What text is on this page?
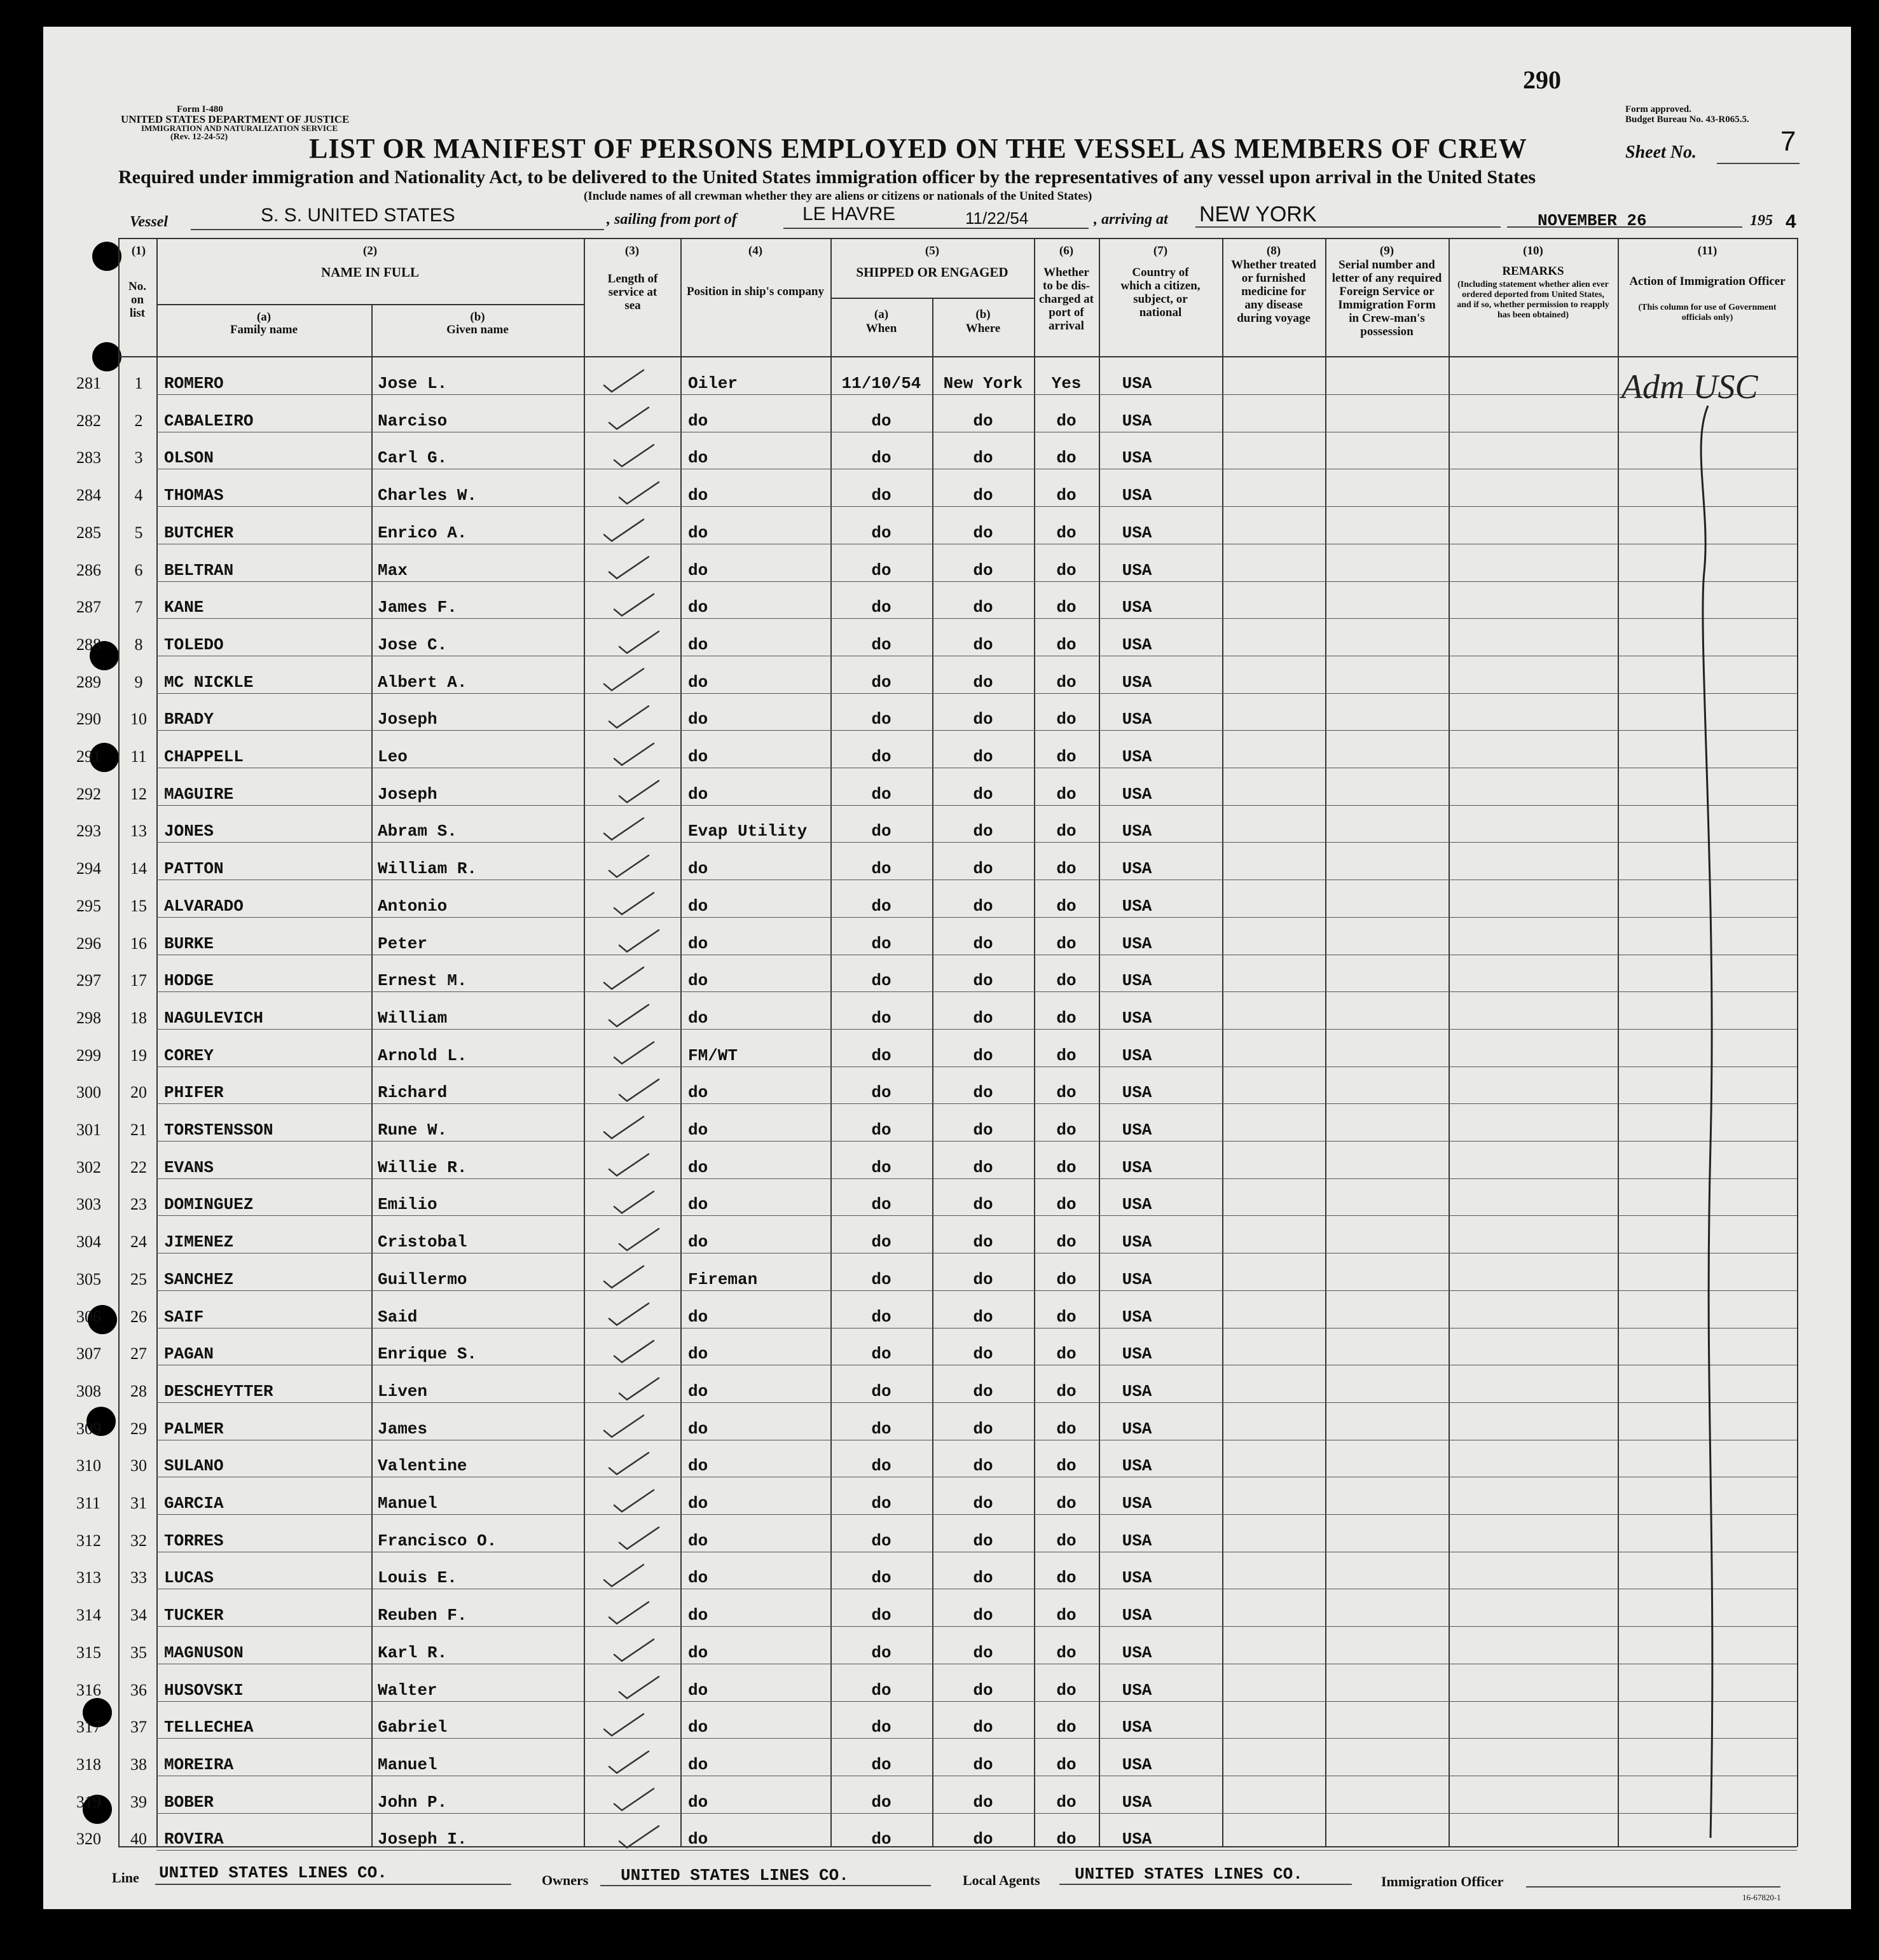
290
Form I-480
UNITED STATES DEPARTMENT OF JUSTICE
IMMIGRATION AND NATURALIZATION SERVICE
(Rev. 12-24-52)
Form approved.
Budget Bureau No. 43-R065.5.
LIST OR MANIFEST OF PERSONS EMPLOYED ON THE VESSEL AS MEMBERS OF CREW	Sheet No.	7
Required under immigration and Nationality Act, to be delivered to the United States immigration officer by the representatives of any vessel upon arrival in the United States
(Include names of all crewman whether they are aliens or citizens or nationals of the United States)
Vessel	S. S. UNITED STATES	, sailing from port of	LE HAVRE	11/22/54	, arriving at NEW YORK	NOVEMBER 26	195 4
(1)
No. on list
(2)
NAME IN FULL
(a)
Family name
(b)
Given name
(3)
Length of service at sea
(4)
Position in ship's company
(5)
SHIPPED OR ENGAGED
(a)
When
(b)
Where
(6)
Whether to be dis-charged at port of arrival
(7)
Country of which a citizen, subject, or national
(8)
Whether treated or furnished medicine for any disease during voyage
(9)
Serial number and letter of any required Foreign Service or Immigration Form in Crew-man's possession
(10)
REMARKS
(Including statement whether alien ever ordered deported from United States, and if so, whether permission to reapply has been obtained)
(11)
Action of Immigration Officer
(This column for use of Government officials only)
281	1	ROMERO	Jose L.	Oiler	11/10/54	New York	Yes	USA
282	2	CABALEIRO	Narciso	do	do	do	do	USA
283	3	OLSON	Carl G.	do	do	do	do	USA
284	4	THOMAS	Charles W.	do	do	do	do	USA
285	5	BUTCHER	Enrico A.	do	do	do	do	USA
286	6	BELTRAN	Max	do	do	do	do	USA
287	7	KANE	James F.	do	do	do	do	USA
288	8	TOLEDO	Jose C.	do	do	do	do	USA
289	9	MC NICKLE	Albert A.	do	do	do	do	USA
290	10	BRADY	Joseph	do	do	do	do	USA
291	11	CHAPPELL	Leo	do	do	do	do	USA
292	12	MAGUIRE	Joseph	do	do	do	do	USA
293	13	JONES	Abram S.	Evap Utility	do	do	do	USA
294	14	PATTON	William R.	do	do	do	do	USA
295	15	ALVARADO	Antonio	do	do	do	do	USA
296	16	BURKE	Peter	do	do	do	do	USA
297	17	HODGE	Ernest M.	do	do	do	do	USA
298	18	NAGULEVICH	William	do	do	do	do	USA
299	19	COREY	Arnold L.	FM/WT	do	do	do	USA
300	20	PHIFER	Richard	do	do	do	do	USA
301	21	TORSTENSSON	Rune W.	do	do	do	do	USA
302	22	EVANS	Willie R.	do	do	do	do	USA
303	23	DOMINGUEZ	Emilio	do	do	do	do	USA
304	24	JIMENEZ	Cristobal	do	do	do	do	USA
305	25	SANCHEZ	Guillermo	Fireman	do	do	do	USA
306	26	SAIF	Said	do	do	do	do	USA
307	27	PAGAN	Enrique S.	do	do	do	do	USA
308	28	DESCHEYTTER	Liven	do	do	do	do	USA
309	29	PALMER	James	do	do	do	do	USA
310	30	SULANO	Valentine	do	do	do	do	USA
311	31	GARCIA	Manuel	do	do	do	do	USA
312	32	TORRES	Francisco O.	do	do	do	do	USA
313	33	LUCAS	Louis E.	do	do	do	do	USA
314	34	TUCKER	Reuben F.	do	do	do	do	USA
315	35	MAGNUSON	Karl R.	do	do	do	do	USA
316	36	HUSOVSKI	Walter	do	do	do	do	USA
317	37	TELLECHEA	Gabriel	do	do	do	do	USA
318	38	MOREIRA	Manuel	do	do	do	do	USA
319	39	BOBER	John P.	do	do	do	do	USA
320	40	ROVIRA	Joseph I.	do	do	do	do	USA
Adm USC
Line UNITED STATES LINES CO.	Owners UNITED STATES LINES CO.	Local Agents UNITED STATES LINES CO.	Immigration Officer
16-67820-1
